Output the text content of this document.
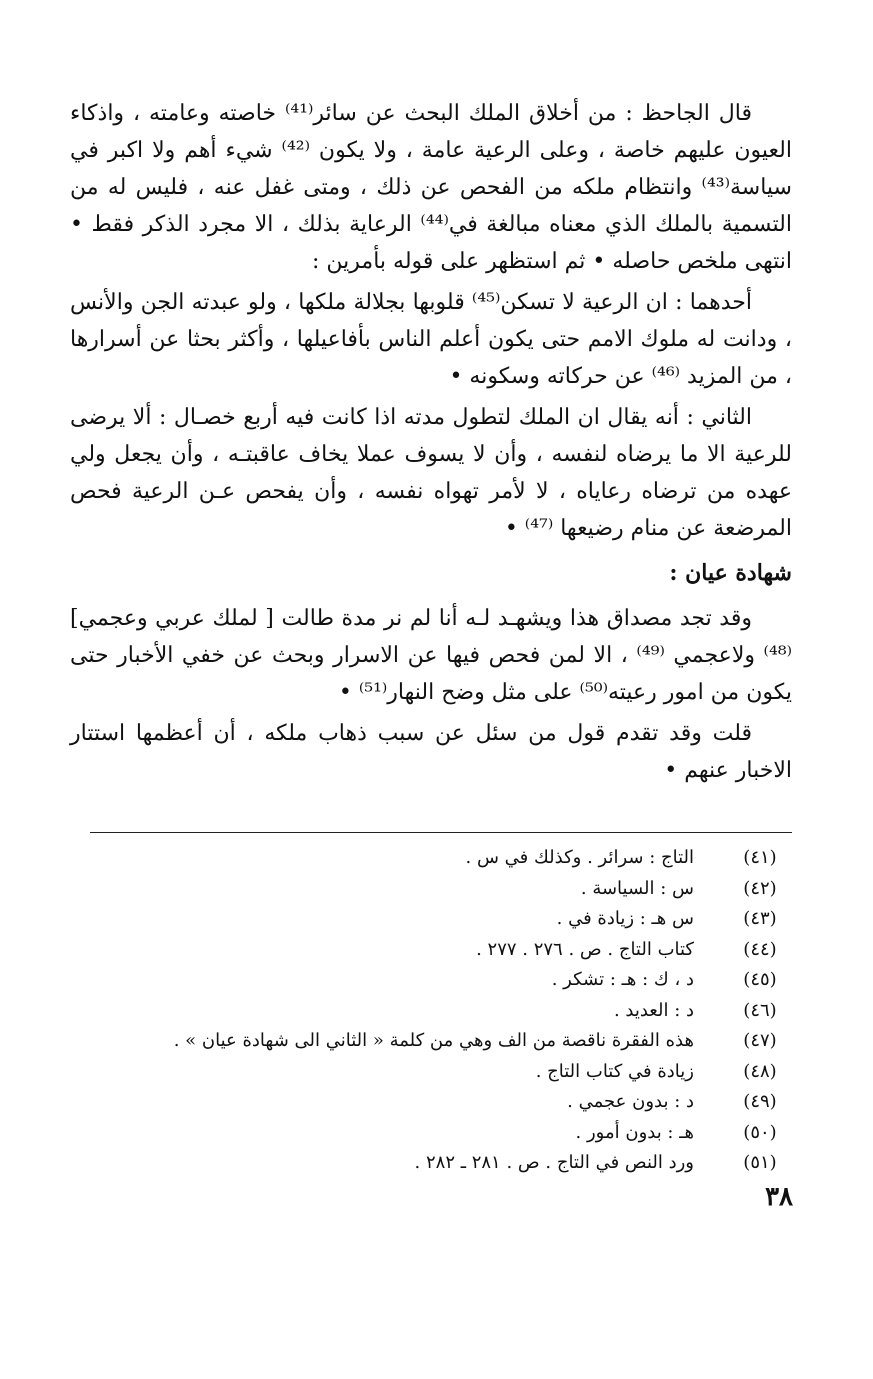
قال الجاحظ : من أخلاق الملك البحث عن سائر⁽⁴¹⁾ خاصته وعامته ، واذكاء العيون عليهم خاصة ، وعلى الرعية عامة ، ولا يكون ⁽⁴²⁾ شيء أهم ولا اكبر في سياسة⁽⁴³⁾ وانتظام ملكه من الفحص عن ذلك ، ومتى غفل عنه ، فليس له من التسمية بالملك الذي معناه مبالغة في⁽⁴⁴⁾ الرعاية بذلك ، الا مجرد الذكر فقط • انتهى ملخص حاصله • ثم استظهر على قوله بأمرين :

أحدهما : ان الرعية لا تسكن⁽⁴⁵⁾ قلوبها بجلالة ملكها ، ولو عبدته الجن والأنس ، ودانت له ملوك الامم حتى يكون أعلم الناس بأفاعيلها ، وأكثر بحثا عن أسرارها ، من المزيد ⁽⁴⁶⁾ عن حركاته وسكونه •

الثاني : أنه يقال ان الملك لتطول مدته اذا كانت فيه أربع خصـال : ألا يرضى للرعية الا ما يرضاه لنفسه ، وأن لا يسوف عملا يخاف عاقبتـه ، وأن يجعل ولي عهده من ترضاه رعاياه ، لا لأمر تهواه نفسه ، وأن يفحص عـن الرعية فحص المرضعة عن منام رضيعها ⁽⁴⁷⁾ •

شهادة عيان :

وقد تجد مصداق هذا ويشهـد لـه أنا لم نر مدة طالت [ لملك عربي وعجمي]⁽⁴⁸⁾ ولاعجمي ⁽⁴⁹⁾ ، الا لمن فحص فيها عن الاسرار وبحث عن خفي الأخبار حتى يكون من امور رعيته⁽⁵⁰⁾ على مثل وضح النهار⁽⁵¹⁾ •

قلت وقد تقدم قول من سئل عن سبب ذهاب ملكه ، أن أعظمها استتار الاخبار عنهم •

(٤١)
التاج : سرائر . وكذلك في س .
(٤٢)
س : السياسة .
(٤٣)
س هـ : زيادة في .
(٤٤)
كتاب التاج . ص . ٢٧٦ . ٢٧٧ .
(٤٥)
د ، ك : هـ : تشكر .
(٤٦)
د : العديد .
(٤٧)
هذه الفقرة ناقصة من الف وهي من كلمة « الثاني الى شهادة عيان » .
(٤٨)
زيادة في كتاب التاج .
(٤٩)
د : بدون عجمي .
(٥٠)
هـ : بدون أمور .
(٥١)
ورد النص في التاج . ص . ٢٨١ ـ ٢٨٢ .
٣٨
